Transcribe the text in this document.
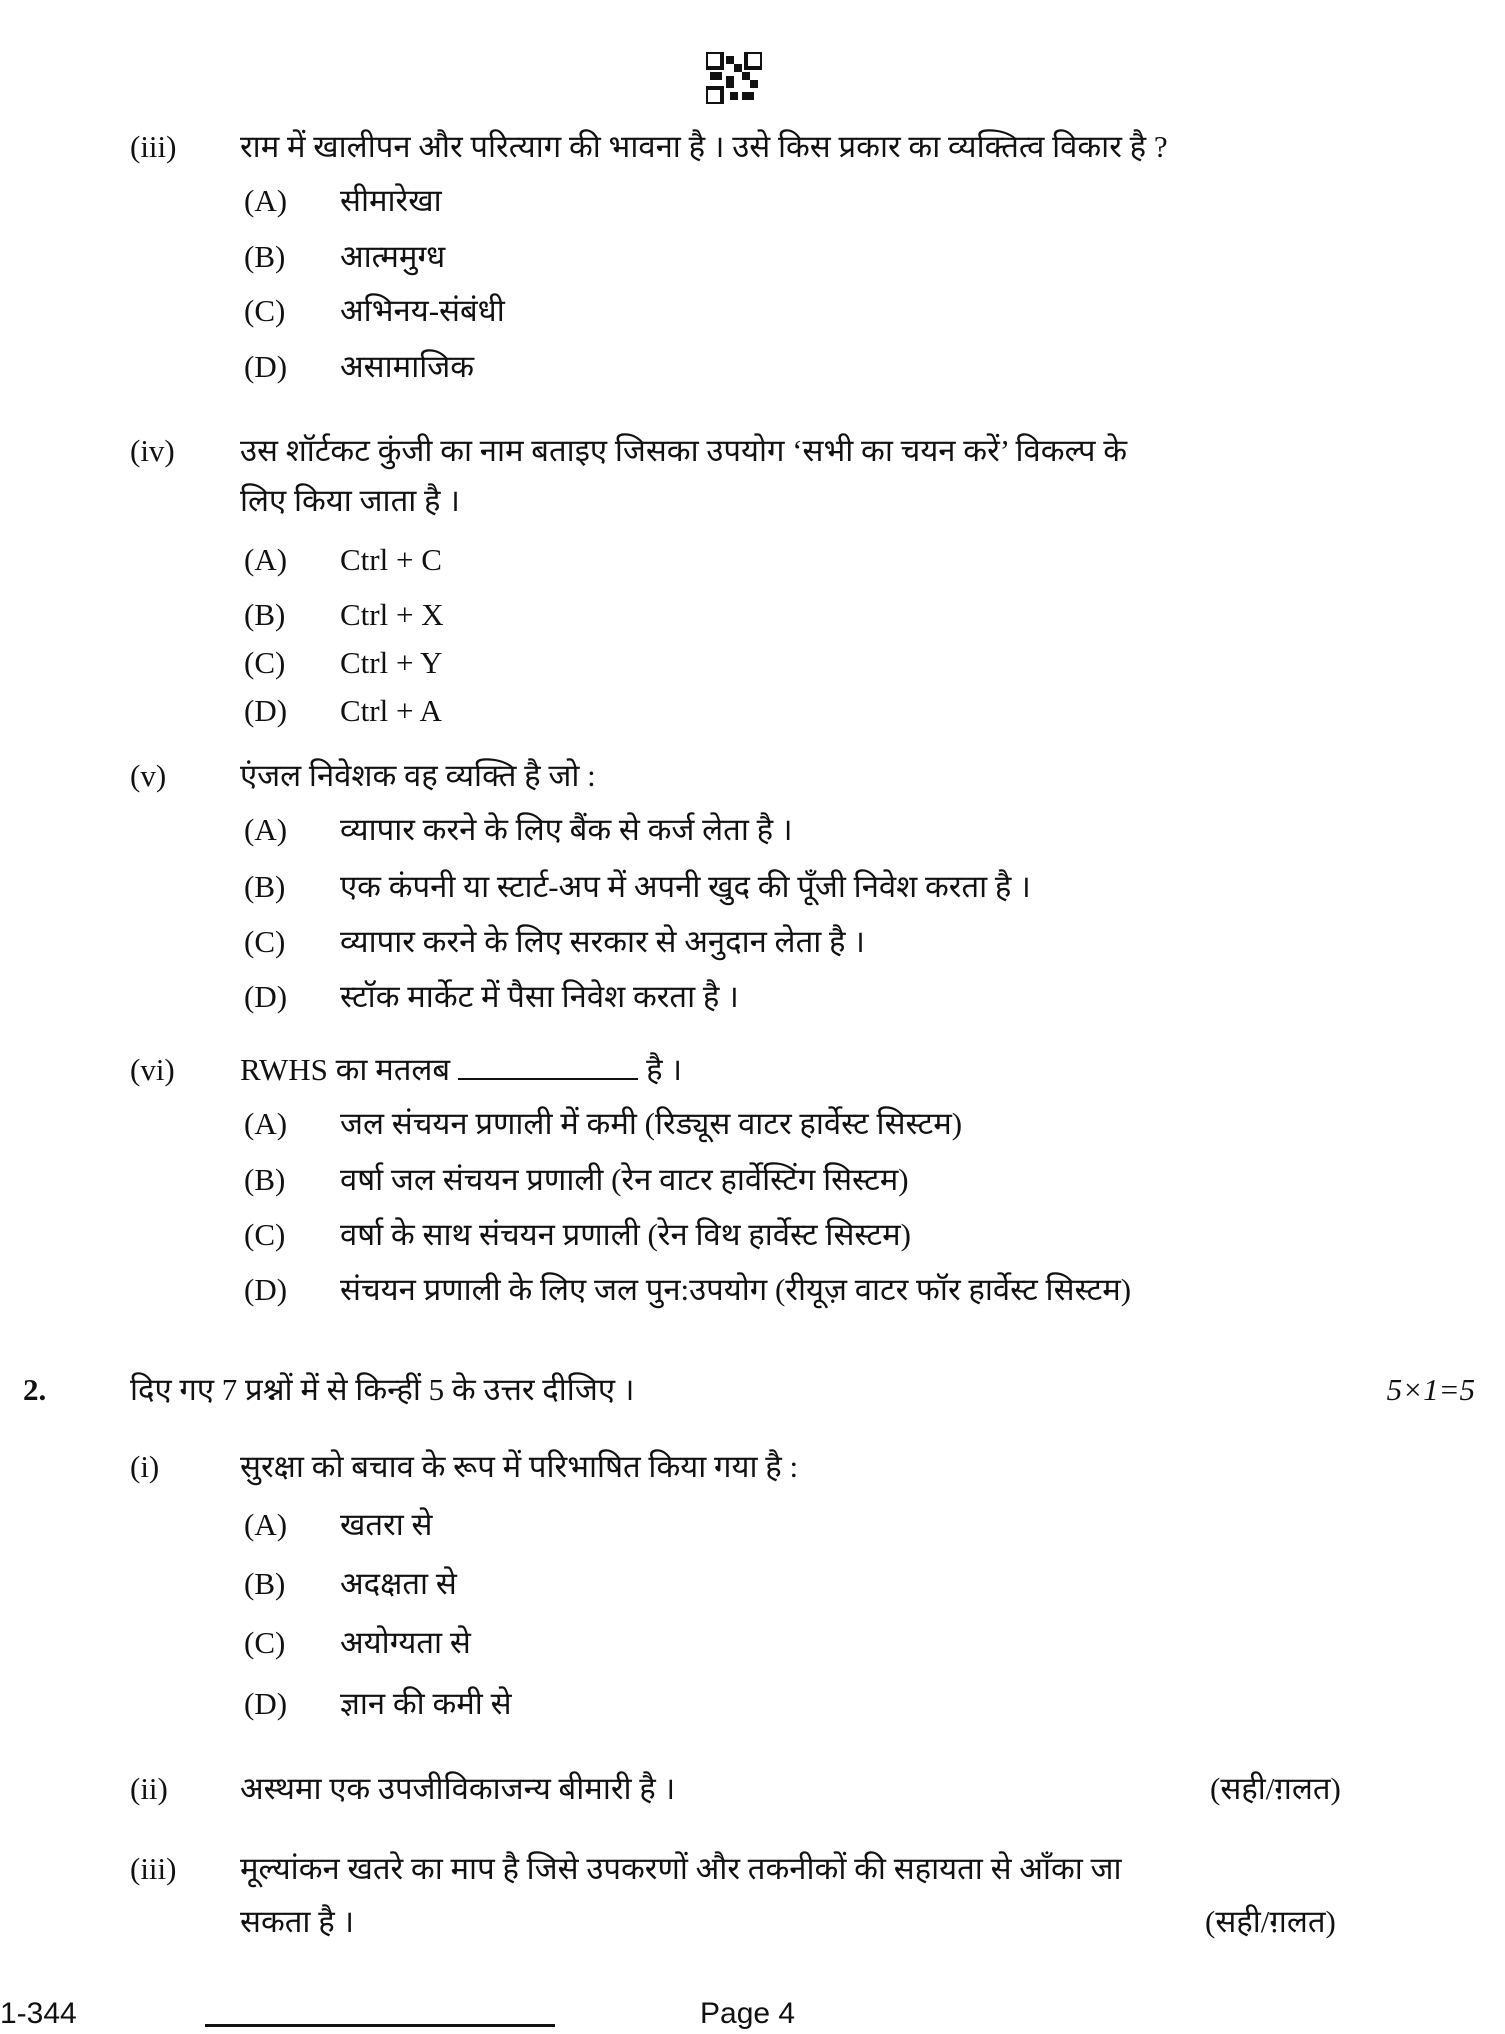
(iii) राम में खालीपन और परित्याग की भावना है । उसे किस प्रकार का व्यक्तित्व विकार है ?
(A) सीमारेखा
(B) आत्ममुग्ध
(C) अभिनय-संबंधी
(D) असामाजिक
(iv) उस शॉर्टकट कुंजी का नाम बताइए जिसका उपयोग ‘सभी का चयन करें’ विकल्प के
लिए किया जाता है ।
(A) Ctrl + C
(B) Ctrl + X
(C) Ctrl + Y
(D) Ctrl + A
(v) एंजल निवेशक वह व्यक्ति है जो :
(A) व्यापार करने के लिए बैंक से कर्ज लेता है ।
(B) एक कंपनी या स्टार्ट-अप में अपनी खुद की पूँजी निवेश करता है ।
(C) व्यापार करने के लिए सरकार से अनुदान लेता है ।
(D) स्टॉक मार्केट में पैसा निवेश करता है ।
(vi) RWHS का मतलब	है ।
(A) जल संचयन प्रणाली में कमी (रिड्यूस वाटर हार्वेस्ट सिस्टम)
(B) वर्षा जल संचयन प्रणाली (रेन वाटर हार्वेस्टिंग सिस्टम)
(C) वर्षा के साथ संचयन प्रणाली (रेन विथ हार्वेस्ट सिस्टम)
(D) संचयन प्रणाली के लिए जल पुन:उपयोग (रीयूज़ वाटर फॉर हार्वेस्ट सिस्टम)
2.	दिए गए 7 प्रश्नों में से किन्हीं 5 के उत्तर दीजिए ।	5×1=5
(i)	सुरक्षा को बचाव के रूप में परिभाषित किया गया है :
(A) खतरा से
(B) अदक्षता से
(C) अयोग्यता से
(D) ज्ञान की कमी से
(ii) अस्थमा एक उपजीविकाजन्य बीमारी है ।	(सही/ग़लत)
(iii) मूल्यांकन खतरे का माप है जिसे उपकरणों और तकनीकों की सहायता से आँका जा
सकता है ।	(सही/ग़लत)
1-344	Page 4
